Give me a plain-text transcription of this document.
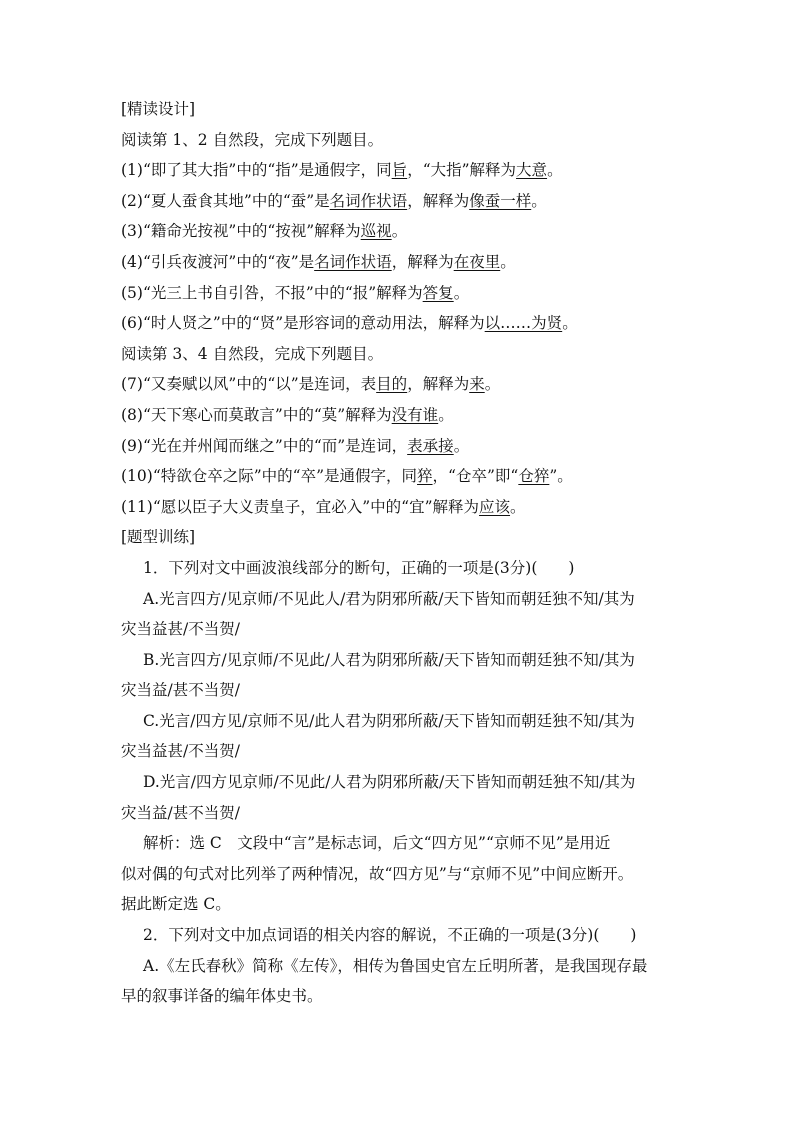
[精读设计]
阅读第 1、2 自然段，完成下列题目。
(1)“即了其大指”中的“指”是通假字，同旨，“大指”解释为大意。
(2)“夏人蚕食其地”中的“蚕”是名词作状语，解释为像蚕一样。
(3)“籍命光按视”中的“按视”解释为巡视。
(4)“引兵夜渡河”中的“夜”是名词作状语，解释为在夜里。
(5)“光三上书自引咎，不报”中的“报”解释为答复。
(6)“时人贤之”中的“贤”是形容词的意动用法，解释为以……为贤。
阅读第 3、4 自然段，完成下列题目。
(7)“又奏赋以风”中的“以”是连词，表目的，解释为来。
(8)“天下寒心而莫敢言”中的“莫”解释为没有谁。
(9)“光在并州闻而继之”中的“而”是连词，表承接。
(10)“特欲仓卒之际”中的“卒”是通假字，同猝，“仓卒”即“仓猝”。
(11)“愿以臣子大义责皇子，宜必入”中的“宜”解释为应该。
[题型训练]
1．下列对文中画波浪线部分的断句，正确的一项是(3分)(　　)
A.光言四方/见京师/不见此人/君为阴邪所蔽/天下皆知而朝廷独不知/其为
灾当益甚/不当贺/
B.光言四方/见京师/不见此/人君为阴邪所蔽/天下皆知而朝廷独不知/其为
灾当益/甚不当贺/
C.光言/四方见/京师不见/此人君为阴邪所蔽/天下皆知而朝廷独不知/其为
灾当益甚/不当贺/
D.光言/四方见京师/不见此/人君为阴邪所蔽/天下皆知而朝廷独不知/其为
灾当益/甚不当贺/
解析：选 C　文段中“言”是标志词，后文“四方见”“京师不见”是用近
似对偶的句式对比列举了两种情况，故“四方见”与“京师不见”中间应断开。
据此断定选 C。
2．下列对文中加点词语的相关内容的解说，不正确的一项是(3分)(　　)
A.《左氏春秋》简称《左传》，相传为鲁国史官左丘明所著，是我国现存最
早的叙事详备的编年体史书。
